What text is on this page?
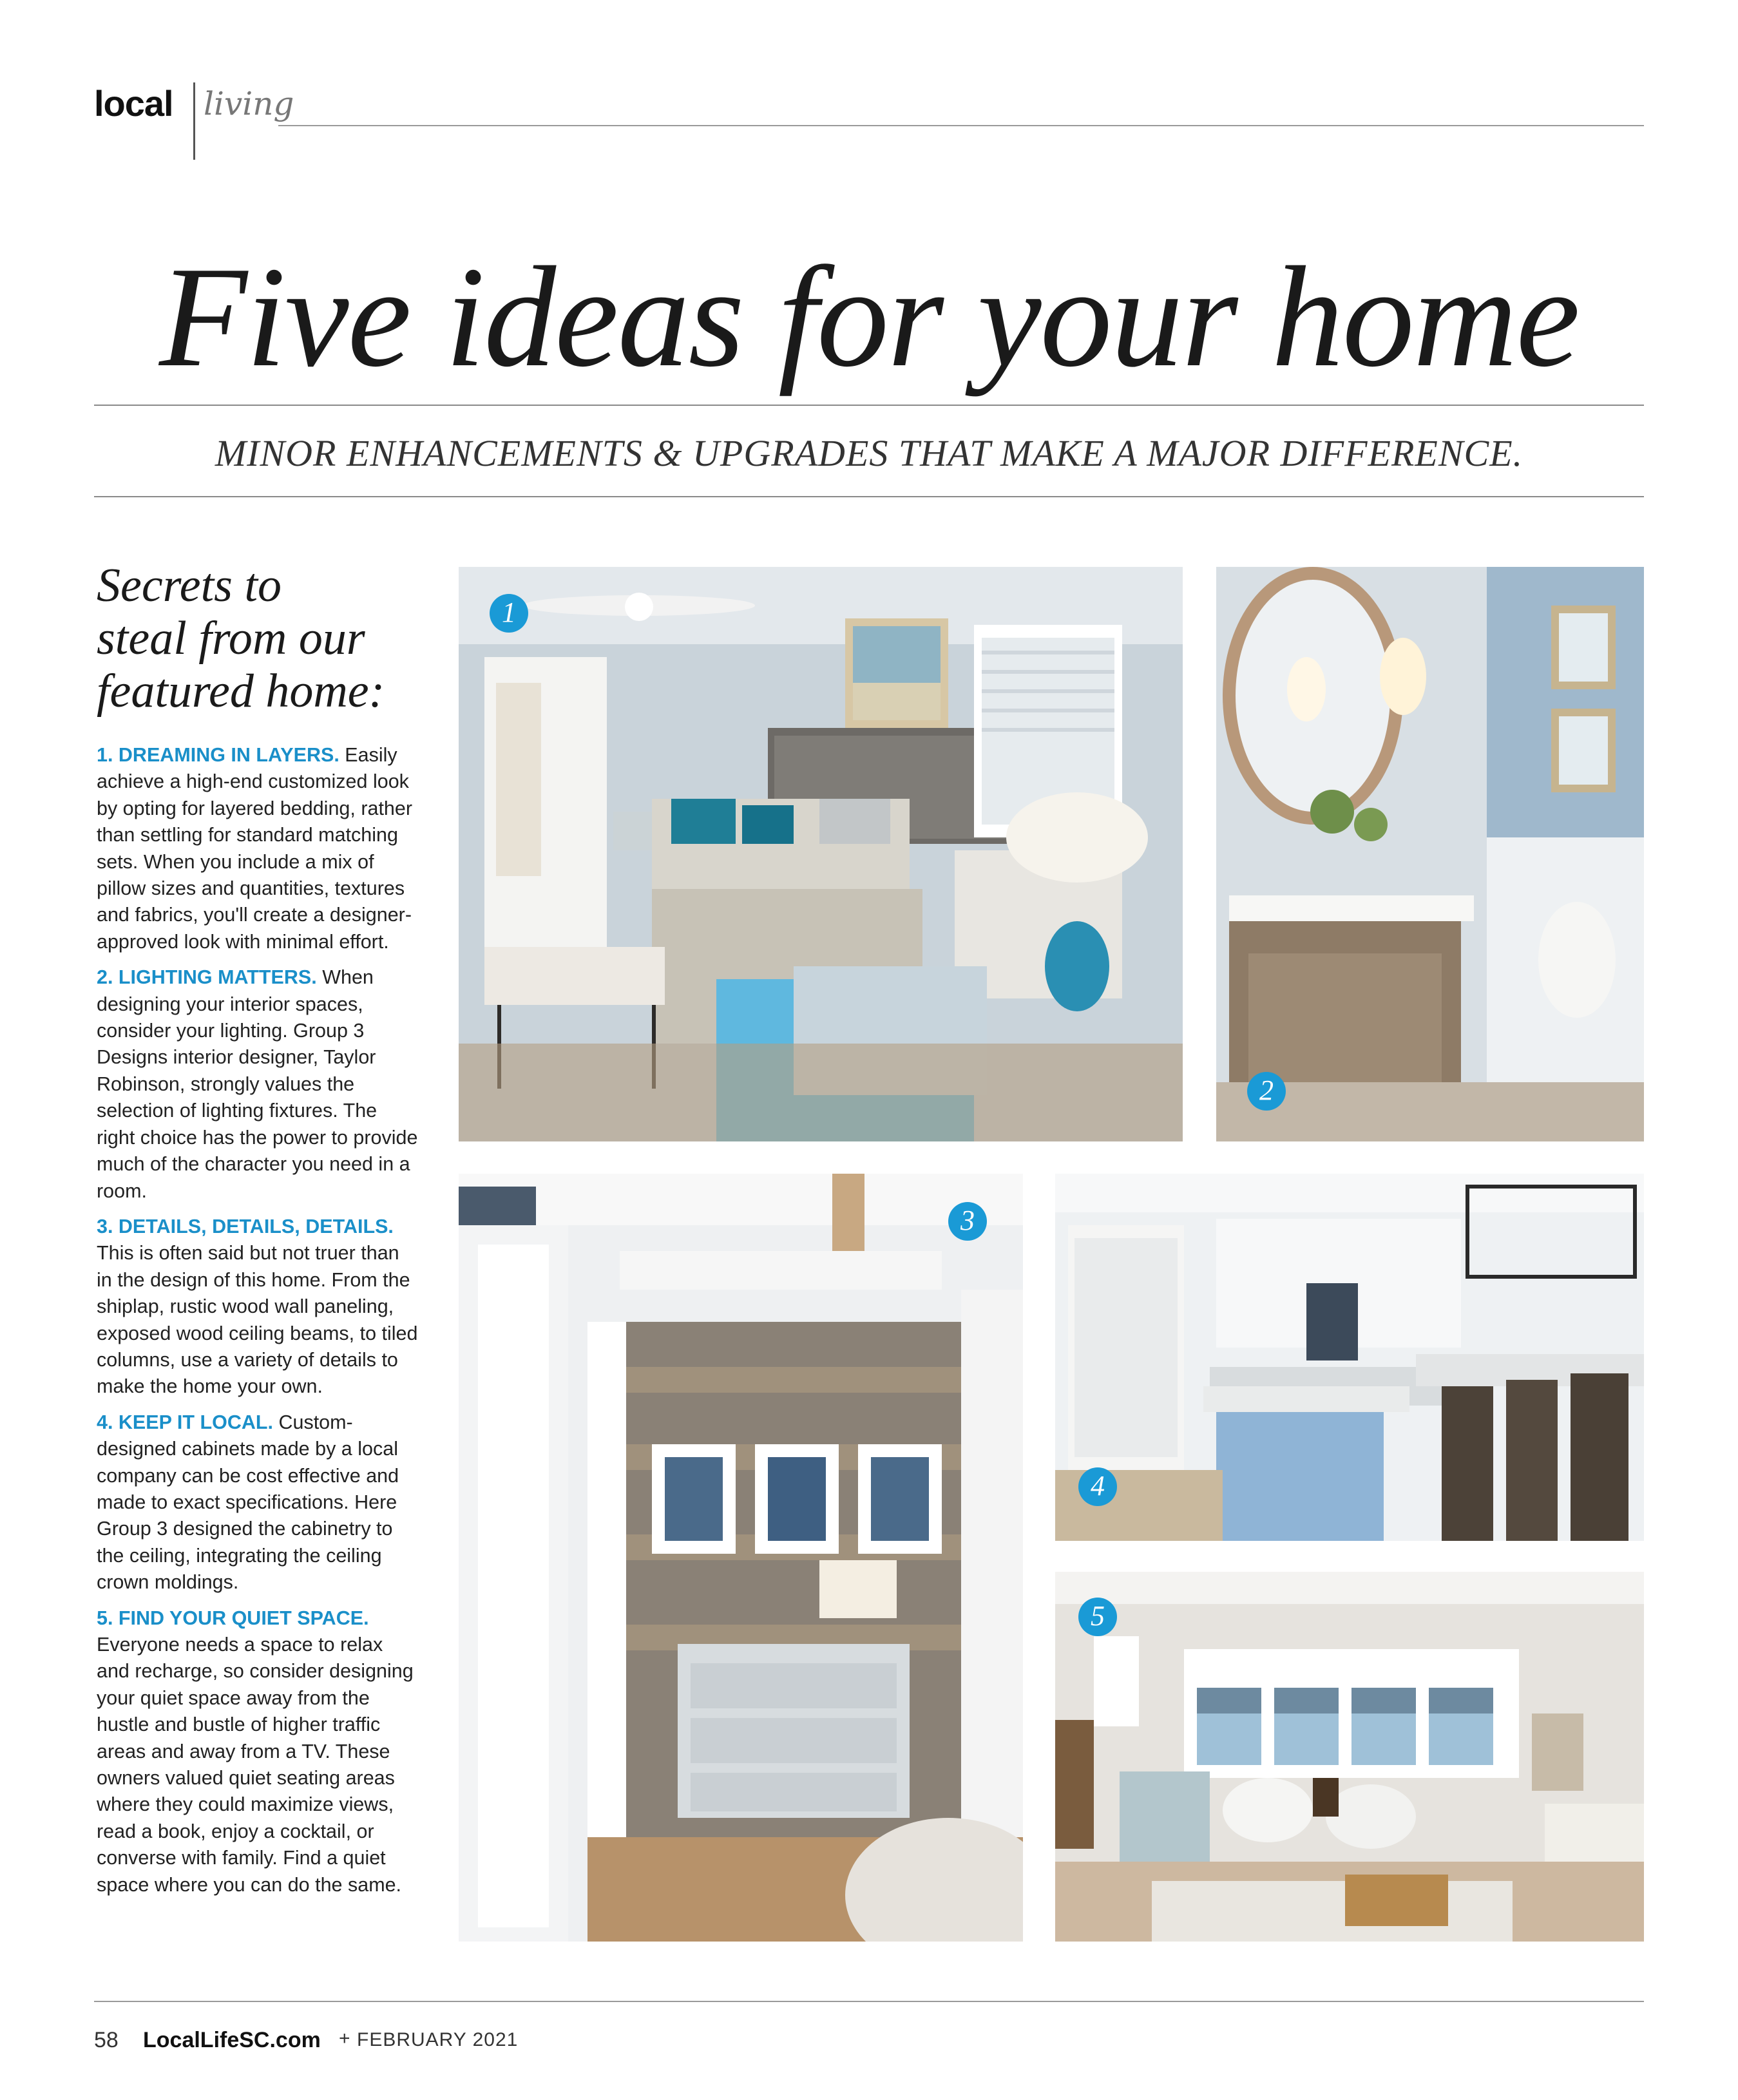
local living
Five ideas for your home
MINOR ENHANCEMENTS & UPGRADES THAT MAKE A MAJOR DIFFERENCE.
Secrets to
steal from our
featured home:

1. DREAMING IN LAYERS. Easily achieve a high-end customized look by opting for layered bedding, rather than settling for standard matching sets. When you include a mix of pillow sizes and quantities, textures and fabrics, you'll create a designer-approved look with minimal effort.

2. LIGHTING MATTERS. When designing your interior spaces, consider your lighting. Group 3 Designs interior designer, Taylor Robinson, strongly values the selection of lighting fixtures. The right choice has the power to provide much of the character you need in a room.

3. DETAILS, DETAILS, DETAILS. This is often said but not truer than in the design of this home. From the shiplap, rustic wood wall paneling, exposed wood ceiling beams, to tiled columns, use a variety of details to make the home your own.

4. KEEP IT LOCAL. Custom-designed cabinets made by a local company can be cost effective and made to exact specifications. Here Group 3 designed the cabinetry to the ceiling, integrating the ceiling crown moldings.

5. FIND YOUR QUIET SPACE. Everyone needs a space to relax and recharge, so consider designing your quiet space away from the hustle and bustle of higher traffic areas and away from a TV. These owners valued quiet seating areas where they could maximize views, read a book, enjoy a cocktail, or converse with family. Find a quiet space where you can do the same.

1
2
3
4
5
58 LocalLifeSC.com + FEBRUARY 2021
